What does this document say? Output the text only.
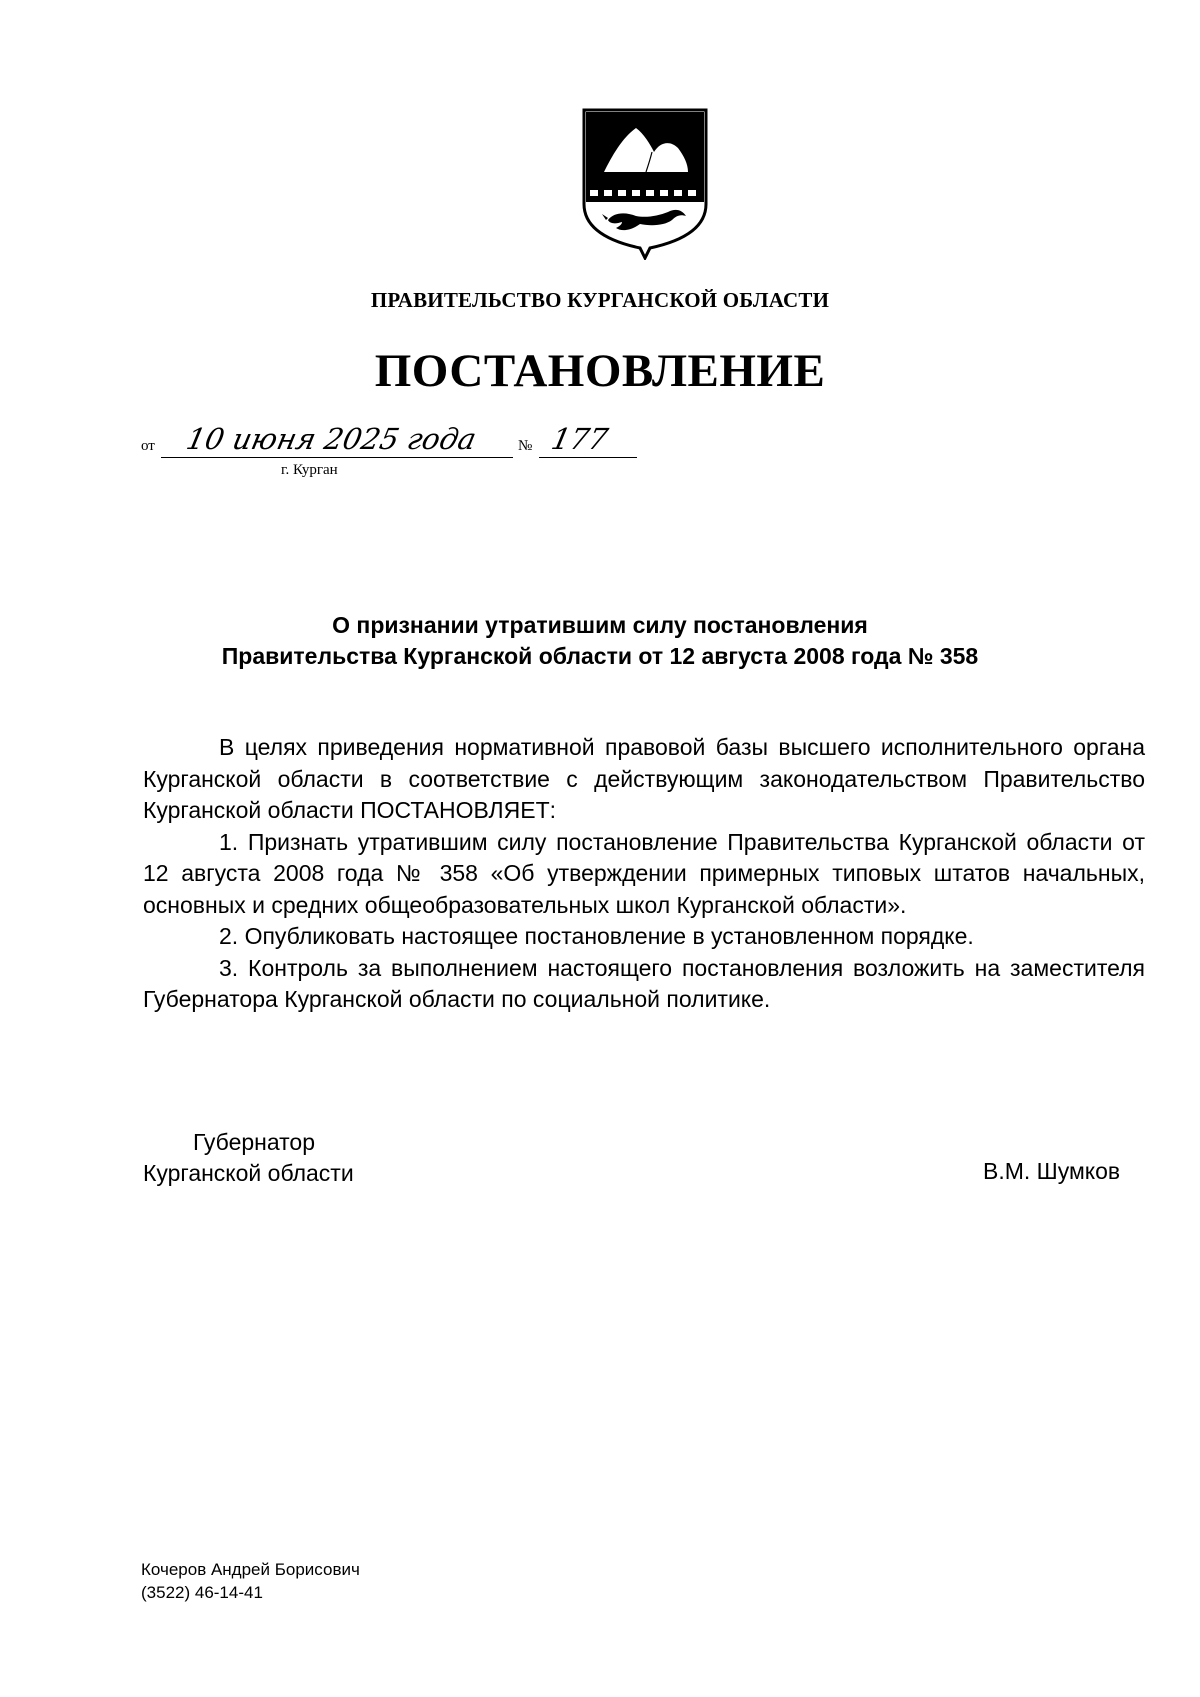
ПРАВИТЕЛЬСТВО КУРГАНСКОЙ ОБЛАСТИ
ПОСТАНОВЛЕНИЕ
от 10 июня 2025 года	№ 177
г. Курган
О признании утратившим силу постановления
Правительства Курганской области от 12 августа 2008 года № 358

В целях приведения нормативной правовой базы высшего исполнительного органа Курганской области в соответствие с действующим законодательством Правительство Курганской области ПОСТАНОВЛЯЕТ:

1. Признать утратившим силу постановление Правительства Курганской области от 12 августа 2008 года № 358 «Об утверждении примерных типовых штатов начальных, основных и средних общеобразовательных школ Курганской области».

2. Опубликовать настоящее постановление в установленном порядке.

3. Контроль за выполнением настоящего постановления возложить на заместителя Губернатора Курганской области по социальной политике.

Губернатор
Курганской области	В.М. Шумков
Кочеров Андрей Борисович
(3522) 46-14-41
